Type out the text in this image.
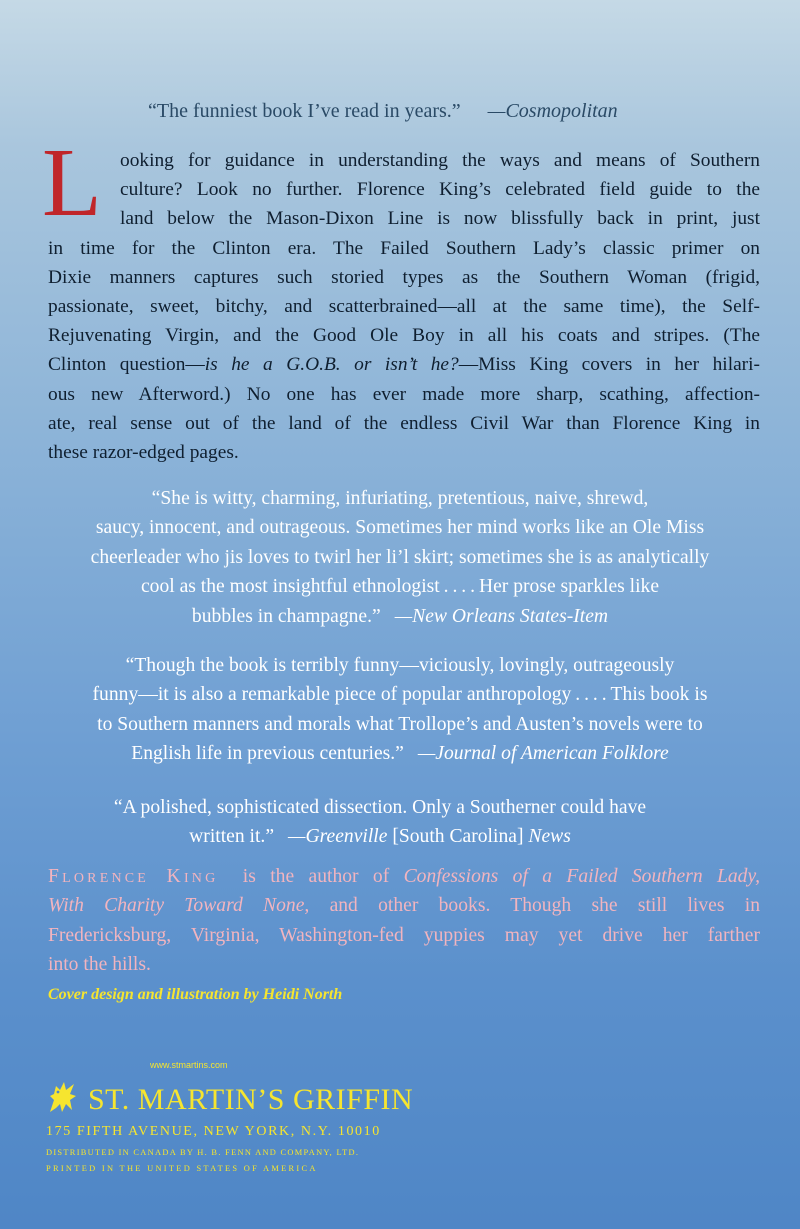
“The funniest book I’ve read in years.” —Cosmopolitan
L ooking for guidance in understanding the ways and means of Southern
culture? Look no further. Florence King’s celebrated field guide to the
land below the Mason-Dixon Line is now blissfully back in print, just
in time for the Clinton era. The Failed Southern Lady’s classic primer on
Dixie manners captures such storied types as the Southern Woman (frigid,
passionate, sweet, bitchy, and scatterbrained—all at the same time), the Self-
Rejuvenating Virgin, and the Good Ole Boy in all his coats and stripes. (The
Clinton question—is he a G.O.B. or isn’t he?—Miss King covers in her hilari-
ous new Afterword.) No one has ever made more sharp, scathing, affection-
ate, real sense out of the land of the endless Civil War than Florence King in
these razor-edged pages.
“She is witty, charming, infuriating, pretentious, naive, shrewd,
saucy, innocent, and outrageous. Sometimes her mind works like an Ole Miss
cheerleader who jis loves to twirl her li’l skirt; sometimes she is as analytically
cool as the most insightful ethnologist . . . . Her prose sparkles like
bubbles in champagne.” —New Orleans States-Item
“Though the book is terribly funny—viciously, lovingly, outrageously
funny—it is also a remarkable piece of popular anthropology . . . . This book is
to Southern manners and morals what Trollope’s and Austen’s novels were to
English life in previous centuries.” —Journal of American Folklore
“A polished, sophisticated dissection. Only a Southerner could have
written it.” —Greenville [South Carolina] News
Florence King is the author of Confessions of a Failed Southern Lady,
With Charity Toward None, and other books. Though she still lives in
Fredericksburg, Virginia, Washington-fed yuppies may yet drive her farther
into the hills.
Cover design and illustration by Heidi North
www.stmartins.com
ST. MARTIN’S GRIFFIN
175 FIFTH AVENUE, NEW YORK, N.Y. 10010
DISTRIBUTED IN CANADA BY H. B. FENN AND COMPANY, LTD.
PRINTED IN THE UNITED STATES OF AMERICA
